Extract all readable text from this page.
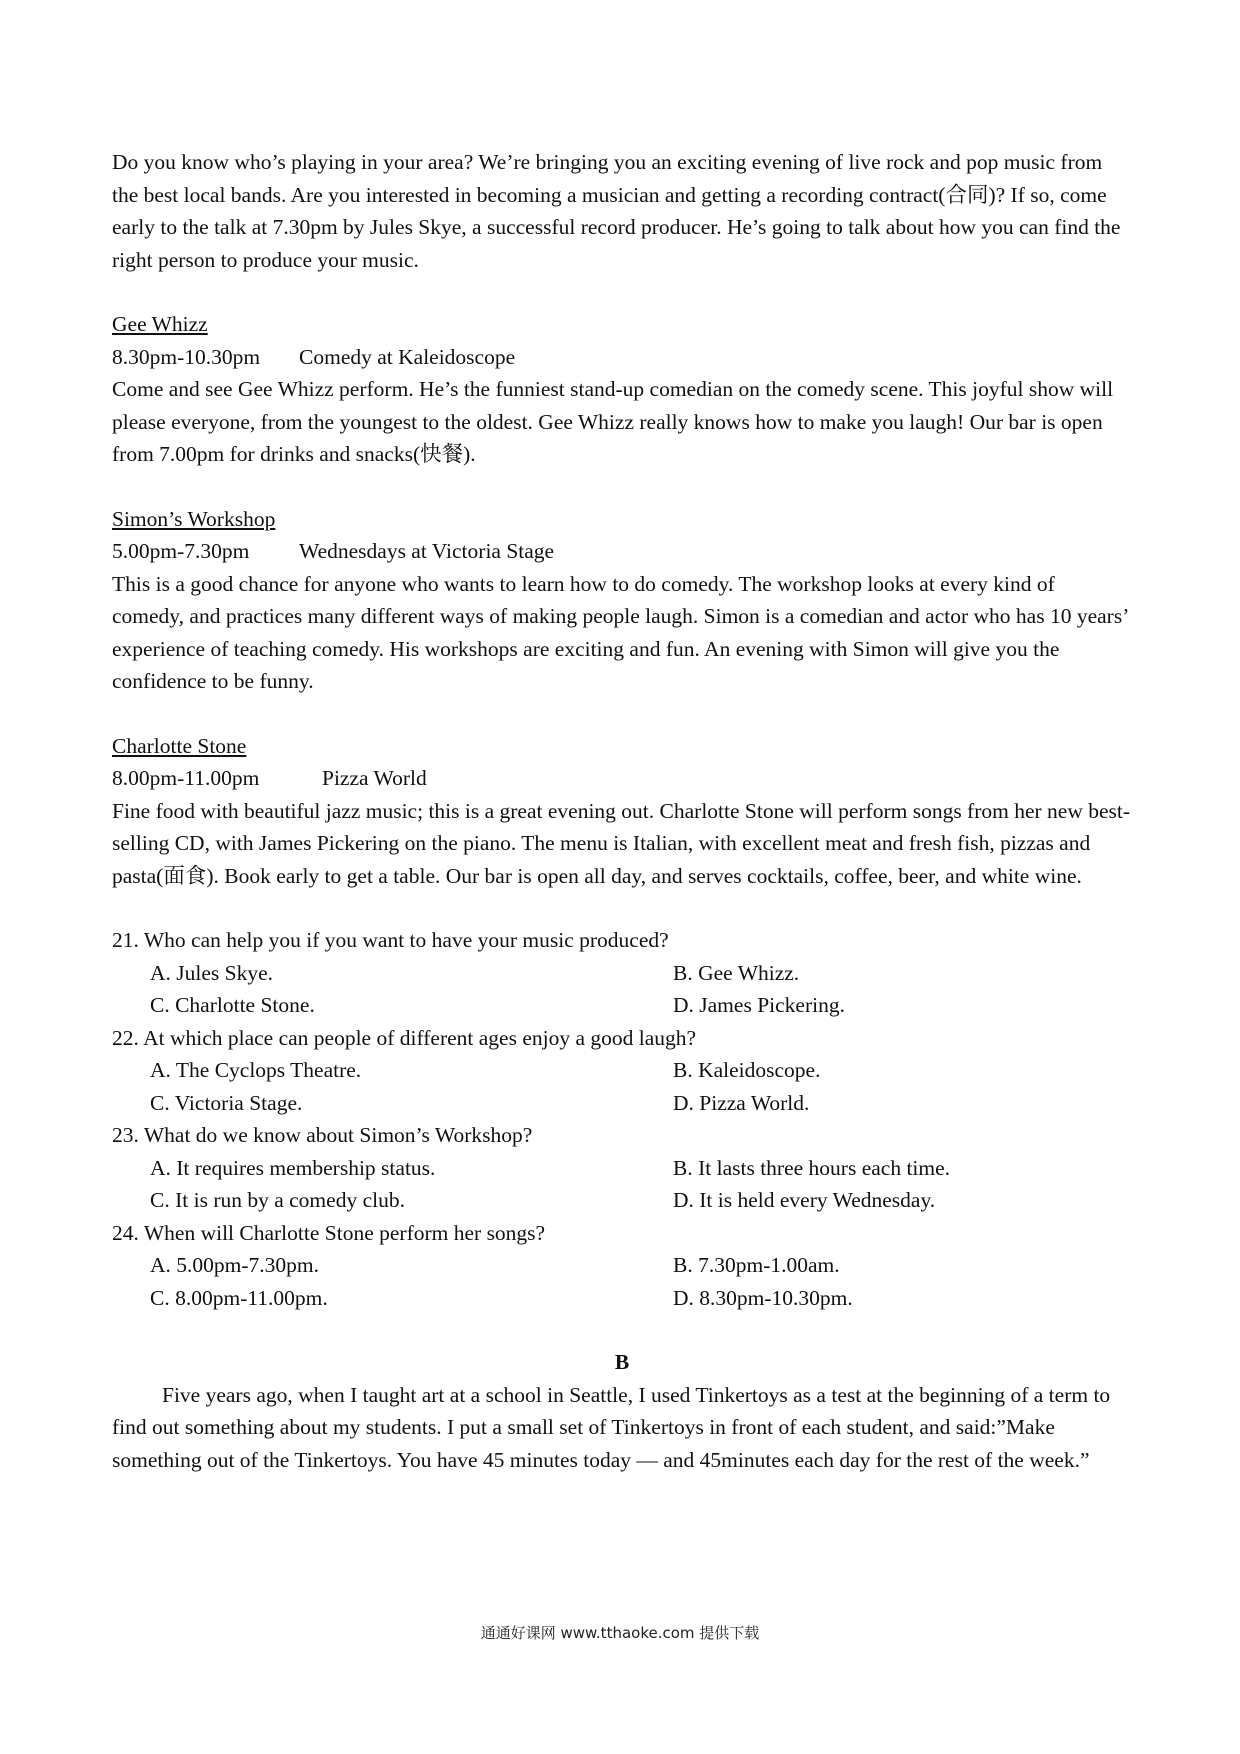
Do you know who’s playing in your area? We’re bringing you an exciting evening of live rock and pop music from the best local bands. Are you interested in becoming a musician and getting a recording contract(合同)? If so, come early to the talk at 7.30pm by Jules Skye, a successful record producer. He’s going to talk about how you can find the right person to produce your music.

Gee Whizz
8.30pm-10.30pm	Comedy at Kaleidoscope

Come and see Gee Whizz perform. He’s the funniest stand-up comedian on the comedy scene. This joyful show will please everyone, from the youngest to the oldest. Gee Whizz really knows how to make you laugh! Our bar is open from 7.00pm for drinks and snacks(快餐).

Simon’s Workshop
5.00pm-7.30pm	Wednesdays at Victoria Stage

This is a good chance for anyone who wants to learn how to do comedy. The workshop looks at every kind of comedy, and practices many different ways of making people laugh. Simon is a comedian and actor who has 10 years’ experience of teaching comedy. His workshops are exciting and fun. An evening with Simon will give you the confidence to be funny.

Charlotte Stone
8.00pm-11.00pm	Pizza World

Fine food with beautiful jazz music; this is a great evening out. Charlotte Stone will perform songs from her new best-selling CD, with James Pickering on the piano. The menu is Italian, with excellent meat and fresh fish, pizzas and pasta(面食). Book early to get a table. Our bar is open all day, and serves cocktails, coffee, beer, and white wine.

21. Who can help you if you want to have your music produced?
A. Jules Skye.	B. Gee Whizz.
C. Charlotte Stone.	D. James Pickering.
22. At which place can people of different ages enjoy a good laugh?
A. The Cyclops Theatre.	B. Kaleidoscope.
C. Victoria Stage.	D. Pizza World.
23. What do we know about Simon’s Workshop?
A. It requires membership status.	B. It lasts three hours each time.
C. It is run by a comedy club.	D. It is held every Wednesday.
24. When will Charlotte Stone perform her songs?
A. 5.00pm-7.30pm.	B. 7.30pm-1.00am.
C. 8.00pm-11.00pm.	D. 8.30pm-10.30pm.
B

Five years ago, when I taught art at a school in Seattle, I used Tinkertoys as a test at the beginning of a term to find out something about my students. I put a small set of Tinkertoys in front of each student, and said:”Make something out of the Tinkertoys. You have 45 minutes today — and 45minutes each day for the rest of the week.”

通通好课网 www.tthaoke.com 提供下载
